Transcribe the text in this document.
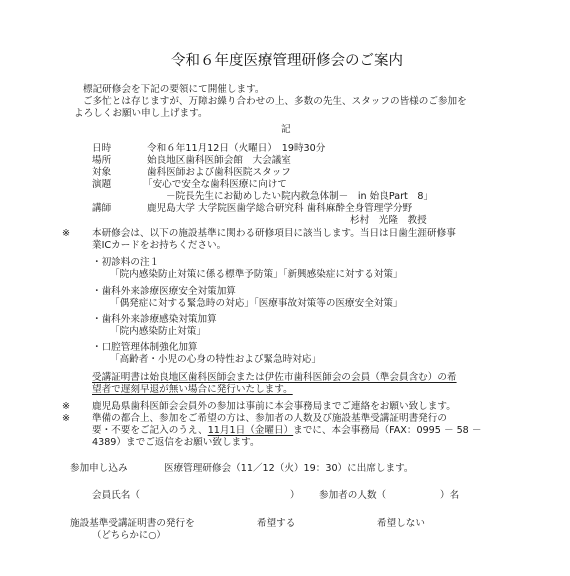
令和６年度医療管理研修会のご案内
標記研修会を下記の要領にて開催します。
ご多忙とは存じますが、万障お繰り合わせの上、多数の先生、スタッフの皆様のご参加を
よろしくお願い申し上げます。
記
日時	令和６年11月12日（火曜日）　19時30分
場所	始良地区歯科医師会館　大会議室
対象	歯科医師および歯科医院スタッフ
演題	「安心で安全な歯科医療に向けて
－院長先生にお勧めしたい院内救急体制－　in 始良Part　8」
講師	鹿児島大学 大学院医歯学総合研究科 歯科麻酔全身管理学分野
杉村　光隆　教授
※ 本研修会は、以下の施設基準に関わる研修項目に該当します。当日は日歯生涯研修事
業ICカードをお持ちください。
・初診料の注１
「院内感染防止対策に係る標準予防策」「新興感染症に対する対策」
・歯科外来診療医療安全対策加算
「偶発症に対する緊急時の対応」「医療事故対策等の医療安全対策」
・歯科外来診療感染対策加算
「院内感染防止対策」
・口腔管理体制強化加算
「高齢者・小児の心身の特性および緊急時対応」
受講証明書は始良地区歯科医師会または伊佐市歯科医師会の会員（準会員含む）の希
望者で遅刻早退が無い場合に発行いたします。
※ 鹿児島県歯科医師会会員外の参加は事前に本会事務局までご連絡をお願い致します。
※ 準備の都合上、参加をご希望の方は、参加者の人数及び施設基準受講証明書発行の
要・不要をご記入のうえ、11月1日（金曜日）までに、本会事務局（FAX：0995 － 58 －
4389）までご返信をお願い致します。
参加申し込み	医療管理研修会（11／12（火）19：30）に出席します。
会員氏名（	） 参加者の人数（	）名
施設基準受講証明書の発行を
（どちらかに○）
希望する	希望しない
